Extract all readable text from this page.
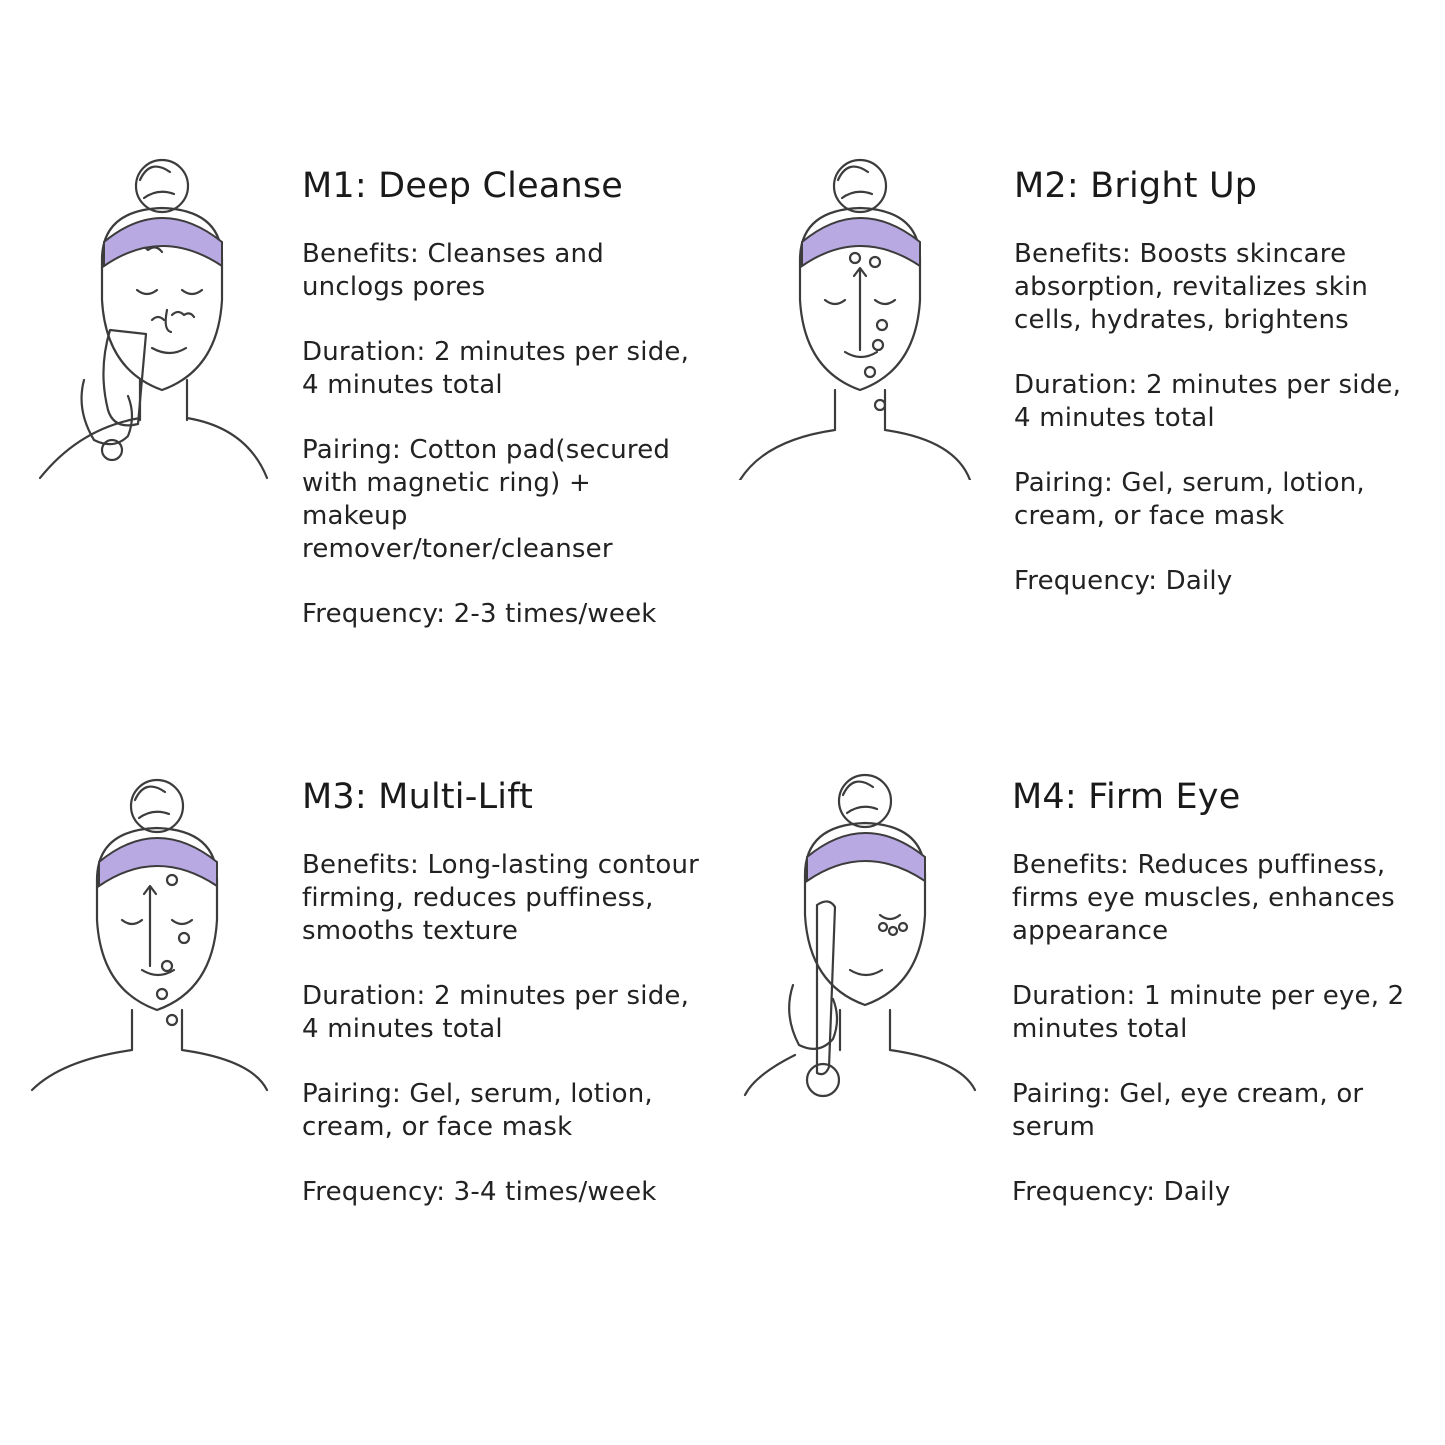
M1: Deep Cleanse

Benefits: Cleanses and unclogs pores

Duration: 2 minutes per side, 4 minutes total

Pairing: Cotton pad(secured with magnetic ring) + makeup remover/toner/cleanser

Frequency: 2-3 times/week

M2: Bright Up

Benefits: Boosts skincare absorption, revitalizes skin cells, hydrates, brightens

Duration: 2 minutes per side, 4 minutes total

Pairing: Gel, serum, lotion, cream, or face mask

Frequency: Daily

M3: Multi-Lift

Benefits: Long-lasting contour firming, reduces puffiness, smooths texture

Duration: 2 minutes per side, 4 minutes total

Pairing: Gel, serum, lotion, cream, or face mask

Frequency: 3-4 times/week

M4: Firm Eye

Benefits: Reduces puffiness, firms eye muscles, enhances appearance

Duration: 1 minute per eye, 2 minutes total

Pairing: Gel, eye cream, or serum

Frequency: Daily
